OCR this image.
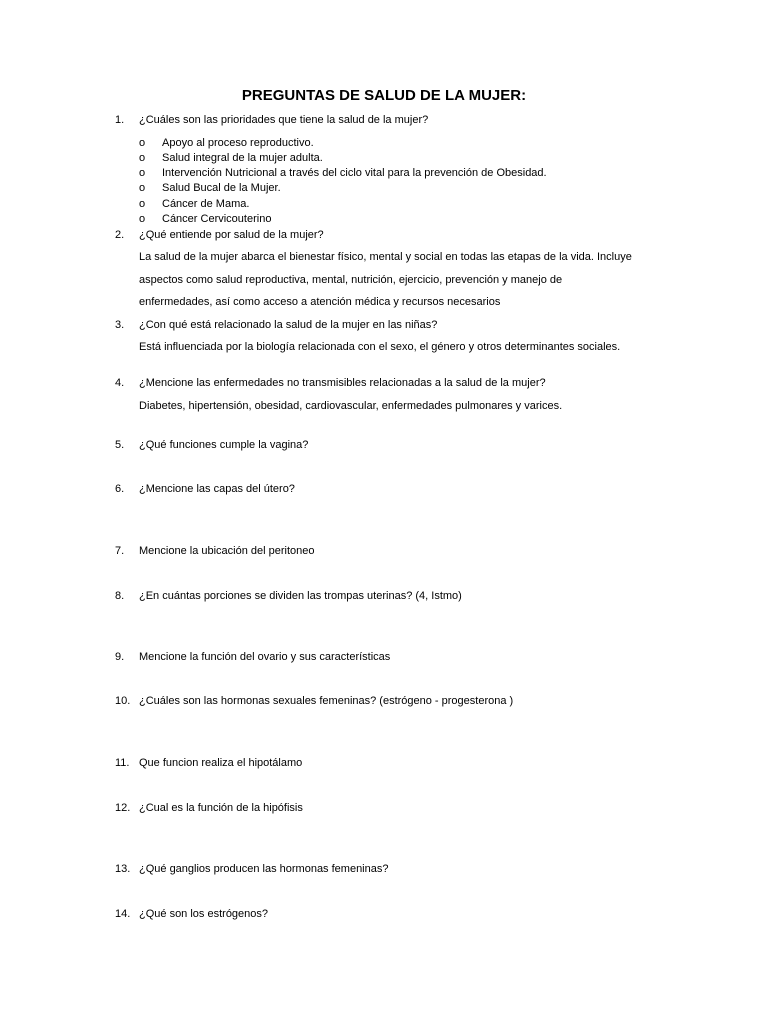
PREGUNTAS DE SALUD DE LA MUJER:
1. ¿Cuáles son las prioridades que tiene la salud de la mujer?
o Apoyo al proceso reproductivo.
o Salud integral de la mujer adulta.
o Intervención Nutricional a través del ciclo vital para la prevención de Obesidad.
o Salud Bucal de la Mujer.
o Cáncer de Mama.
o Cáncer Cervicouterino
2. ¿Qué entiende por salud de la mujer?
La salud de la mujer abarca el bienestar físico, mental y social en todas las etapas de la vida. Incluye
aspectos como salud reproductiva, mental, nutrición, ejercicio, prevención y manejo de
enfermedades, así como acceso a atención médica y recursos necesarios
3. ¿Con qué está relacionado la salud de la mujer en las niñas?
Está influenciada por la biología relacionada con el sexo, el género y otros determinantes sociales.
4. ¿Mencione las enfermedades no transmisibles relacionadas a la salud de la mujer?
Diabetes, hipertensión, obesidad, cardiovascular, enfermedades pulmonares y varices.
5. ¿Qué funciones cumple la vagina?
6. ¿Mencione las capas del útero?
7. Mencione la ubicación del peritoneo
8. ¿En cuántas porciones se dividen las trompas uterinas? (4, Istmo)
9. Mencione la función del ovario y sus características
10. ¿Cuáles son las hormonas sexuales femeninas? (estrógeno - progesterona )
11. Que funcion realiza el hipotálamo
12. ¿Cual es la función de la hipófisis
13. ¿Qué ganglios producen las hormonas femeninas?
14. ¿Qué son los estrógenos?
